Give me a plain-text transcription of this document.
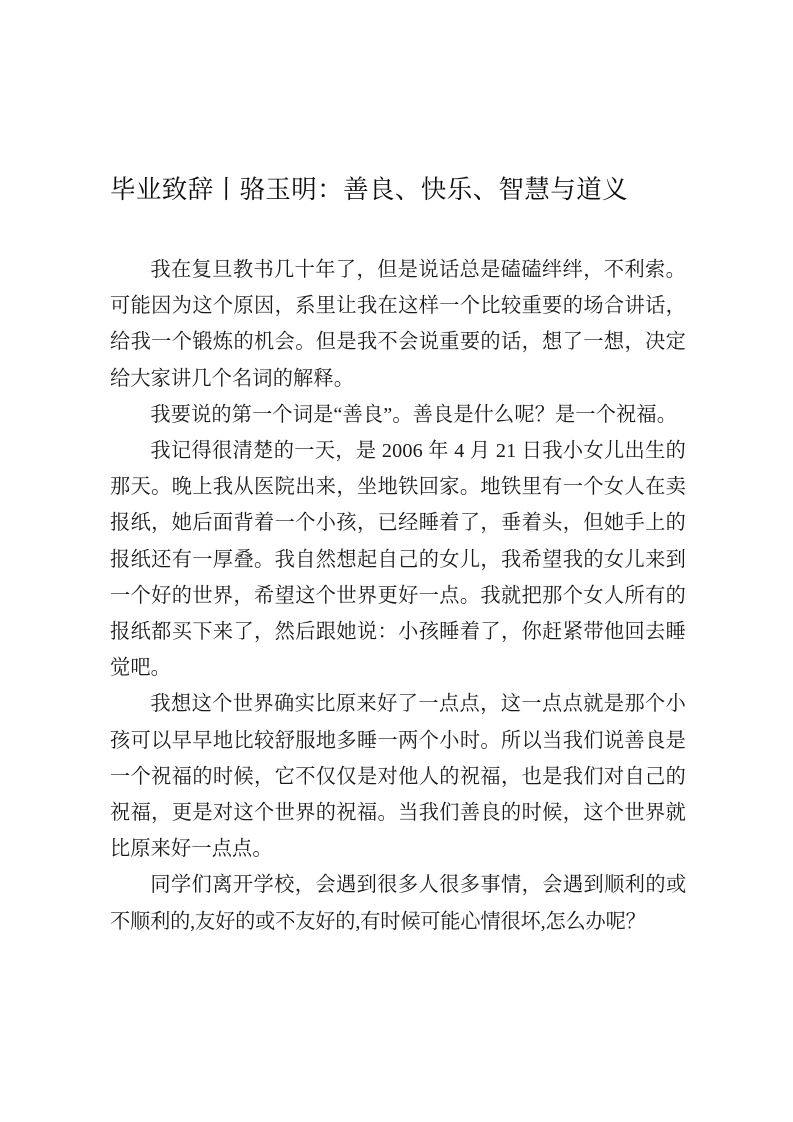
毕业致辞丨骆玉明：善良、快乐、智慧与道义

我在复旦教书几十年了，但是说话总是磕磕绊绊，不利索。可能因为这个原因，系里让我在这样一个比较重要的场合讲话，给我一个锻炼的机会。但是我不会说重要的话，想了一想，决定给大家讲几个名词的解释。

我要说的第一个词是“善良”。善良是什么呢？是一个祝福。

我记得很清楚的一天，是 2006 年 4 月 21 日我小女儿出生的那天。晚上我从医院出来，坐地铁回家。地铁里有一个女人在卖报纸，她后面背着一个小孩，已经睡着了，垂着头，但她手上的报纸还有一厚叠。我自然想起自己的女儿，我希望我的女儿来到一个好的世界，希望这个世界更好一点。我就把那个女人所有的报纸都买下来了，然后跟她说：小孩睡着了，你赶紧带他回去睡觉吧。

我想这个世界确实比原来好了一点点，这一点点就是那个小孩可以早早地比较舒服地多睡一两个小时。所以当我们说善良是一个祝福的时候，它不仅仅是对他人的祝福，也是我们对自己的祝福，更是对这个世界的祝福。当我们善良的时候，这个世界就比原来好一点点。

同学们离开学校，会遇到很多人很多事情，会遇到顺利的或不顺利的,友好的或不友好的,有时候可能心情很坏,怎么办呢？
